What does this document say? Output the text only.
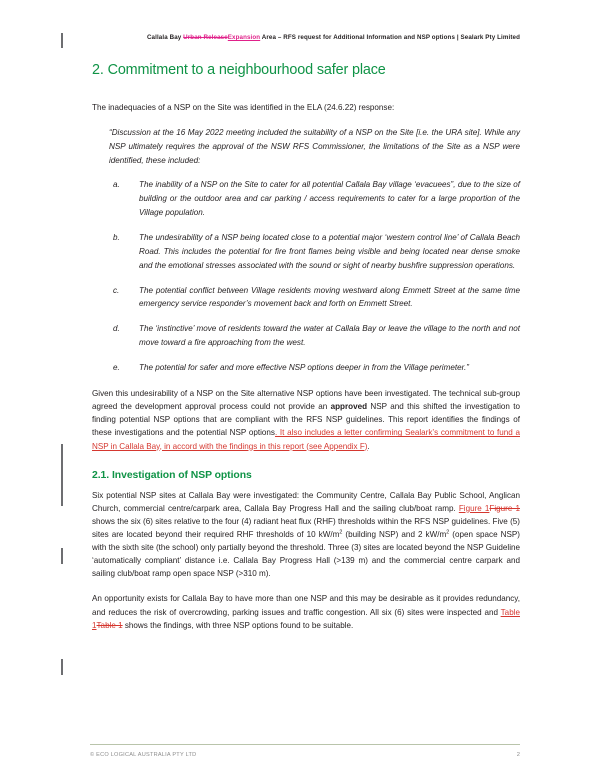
Callala Bay Urban ReleaseExpansion Area – RFS request for Additional Information and NSP options | Sealark Pty Limited
2. Commitment to a neighbourhood safer place

The inadequacies of a NSP on the Site was identified in the ELA (24.6.22) response:

“Discussion at the 16 May 2022 meeting included the suitability of a NSP on the Site [i.e. the URA site]. While any NSP ultimately requires the approval of the NSW RFS Commissioner, the limitations of the Site as a NSP were identified, these included:

a. The inability of a NSP on the Site to cater for all potential Callala Bay village ‘evacuees”, due to the size of building or the outdoor area and car parking / access requirements to cater for a large proportion of the Village population.
b. The undesirability of a NSP being located close to a potential major ‘western control line’ of Callala Beach Road. This includes the potential for fire front flames being visible and being located near dense smoke and the emotional stresses associated with the sound or sight of nearby bushfire suppression operations.
c. The potential conflict between Village residents moving westward along Emmett Street at the same time emergency service responder’s movement back and forth on Emmett Street.
d. The ‘instinctive’ move of residents toward the water at Callala Bay or leave the village to the north and not move toward a fire approaching from the west.
e. The potential for safer and more effective NSP options deeper in from the Village perimeter.”

Given this undesirability of a NSP on the Site alternative NSP options have been investigated. The technical sub-group agreed the development approval process could not provide an approved NSP and this shifted the investigation to finding potential NSP options that are compliant with the RFS NSP guidelines. This report identifies the findings of these investigations and the potential NSP options. It also includes a letter confirming Sealark’s commitment to fund a NSP in Callala Bay, in accord with the findings in this report (see Appendix F).

2.1. Investigation of NSP options

Six potential NSP sites at Callala Bay were investigated: the Community Centre, Callala Bay Public School, Anglican Church, commercial centre/carpark area, Callala Bay Progress Hall and the sailing club/boat ramp. Figure 1Figure 1 shows the six (6) sites relative to the four (4) radiant heat flux (RHF) thresholds within the RFS NSP guidelines. Five (5) sites are located beyond their required RHF thresholds of 10 $kW/m^2$ (building NSP) and 2 $kW/m^2$ (open space NSP) with the sixth site (the school) only partially beyond the threshold. Three (3) sites are located beyond the NSP Guideline ‘automatically compliant’ distance i.e. Callala Bay Progress Hall (>139 m) and the commercial centre carpark and sailing club/boat ramp open space NSP (>310 m).

An opportunity exists for Callala Bay to have more than one NSP and this may be desirable as it provides redundancy, and reduces the risk of overcrowding, parking issues and traffic congestion. All six (6) sites were inspected and Table 1Table 1 shows the findings, with three NSP options found to be suitable.

© ECO LOGICAL AUSTRALIA PTY LTD	2
